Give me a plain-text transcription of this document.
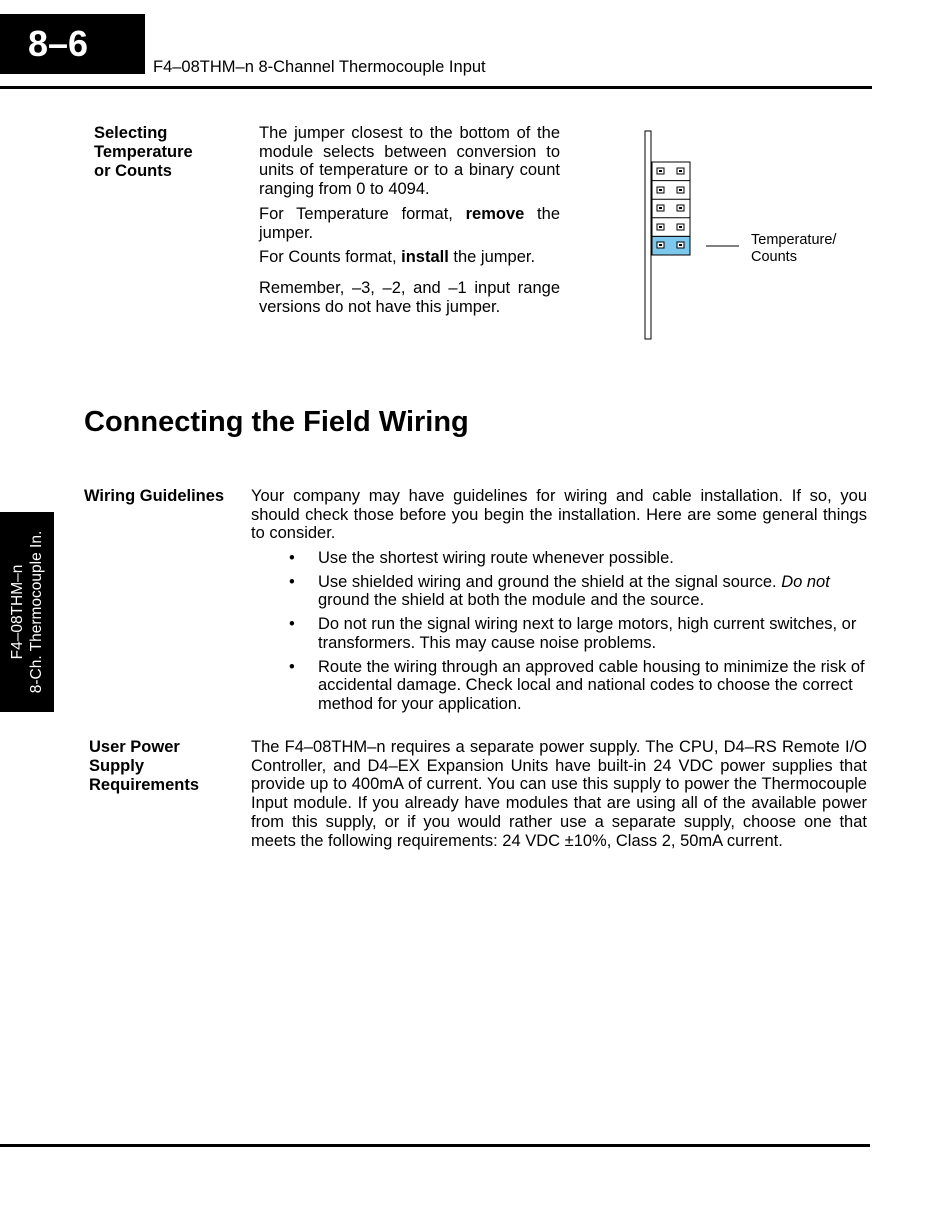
8–6
F4–08THM–n 8-Channel Thermocouple Input
F4–08THM–n 8-Ch. Thermocouple In.
Selecting
Temperature
or Counts

The jumper closest to the bottom of the module selects between conversion to units of temperature or to a binary count ranging from 0 to 4094.

For Temperature format, remove the jumper.

For Counts format, install the jumper.

Remember, –3, –2, and –1 input range versions do not have this jumper.

Temperature/
Counts
Connecting the Field Wiring
Wiring Guidelines Your company may have guidelines for wiring and cable installation. If so, you should check those before you begin the installation. Here are some general things to consider.
• Use the shortest wiring route whenever possible.
• Use shielded wiring and ground the shield at the signal source. Do not ground the shield at both the module and the source.
• Do not run the signal wiring next to large motors, high current switches, or transformers. This may cause noise problems.
• Route the wiring through an approved cable housing to minimize the risk of accidental damage. Check local and national codes to choose the correct method for your application.
User Power
Supply
Requirements
The F4–08THM–n requires a separate power supply. The CPU, D4–RS Remote I/O Controller, and D4–EX Expansion Units have built-in 24 VDC power supplies that provide up to 400mA of current. You can use this supply to power the Thermocouple Input module. If you already have modules that are using all of the available power from this supply, or if you would rather use a separate supply, choose one that meets the following requirements: 24 VDC ±10%, Class 2, 50mA current.
